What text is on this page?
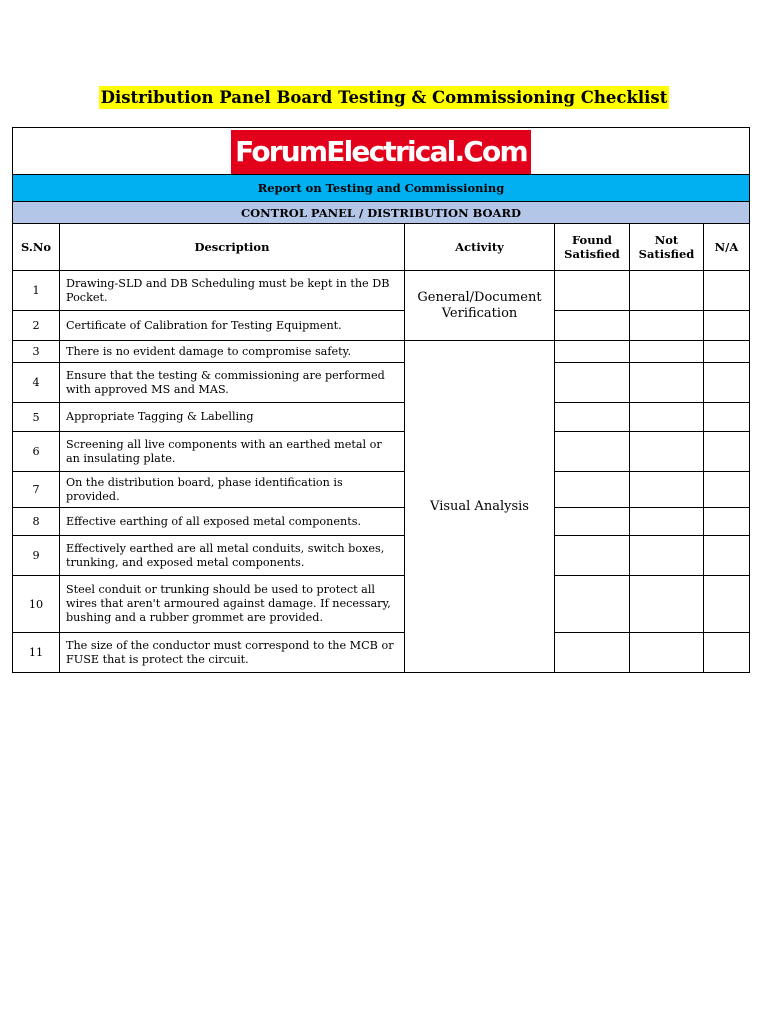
Distribution Panel Board Testing & Commissioning Checklist
ForumElectrical.Com					
Report on Testing and Commissioning					
CONTROL PANEL / DISTRIBUTION BOARD					
S.No	Description	Activity	Found Satisfied	Not Satisfied	N/A
1	Drawing-SLD and DB Scheduling must be kept in the DB Pocket.	General/Document Verification			
2	Certificate of Calibration for Testing Equipment.				
3	There is no evident damage to compromise safety.	Visual Analysis			
4	Ensure that the testing & commissioning are performed with approved MS and MAS.				
5	Appropriate Tagging & Labelling				
6	Screening all live components with an earthed metal or an insulating plate.				
7	On the distribution board, phase identification is provided.				
8	Effective earthing of all exposed metal components.				
9	Effectively earthed are all metal conduits, switch boxes, trunking, and exposed metal components.				
10	Steel conduit or trunking should be used to protect all wires that aren't armoured against damage. If necessary, bushing and a rubber grommet are provided.				
11	The size of the conductor must correspond to the MCB or FUSE that is protect the circuit.				
